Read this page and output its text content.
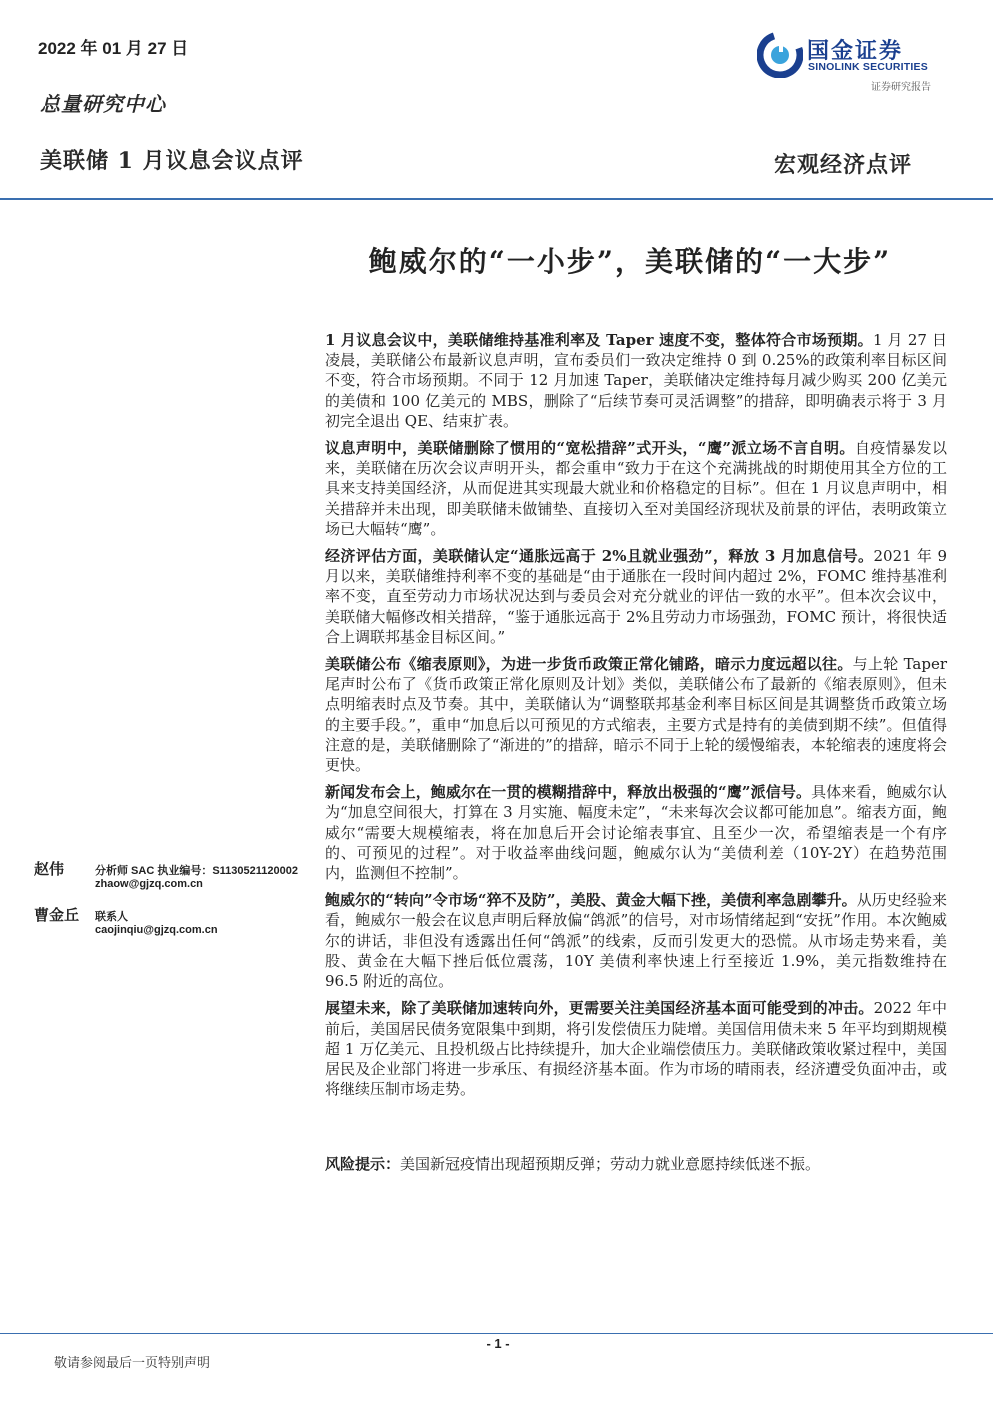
2022 年 01 月 27 日
总量研究中心
美联储 1 月议息会议点评	宏观经济点评
国金证券
SINOLINK SECURITIES
证券研究报告
鲍威尔的“一小步”，美联储的“一大步”

1 月议息会议中，美联储维持基准利率及 Taper 速度不变，整体符合市场预期。1 月 27 日凌晨，美联储公布最新议息声明，宣布委员们一致决定维持 0 到 0.25%的政策利率目标区间不变，符合市场预期。不同于 12 月加速 Taper，美联储决定维持每月减少购买 200 亿美元的美债和 100 亿美元的 MBS，删除了“后续节奏可灵活调整”的措辞，即明确表示将于 3 月初完全退出 QE、结束扩表。

议息声明中，美联储删除了惯用的“宽松措辞”式开头，“鹰”派立场不言自明。自疫情暴发以来，美联储在历次会议声明开头，都会重申“致力于在这个充满挑战的时期使用其全方位的工具来支持美国经济，从而促进其实现最大就业和价格稳定的目标”。但在 1 月议息声明中，相关措辞并未出现，即美联储未做铺垫、直接切入至对美国经济现状及前景的评估，表明政策立场已大幅转“鹰”。

经济评估方面，美联储认定“通胀远高于 2%且就业强劲”，释放 3 月加息信号。2021 年 9 月以来，美联储维持利率不变的基础是“由于通胀在一段时间内超过 2%，FOMC 维持基准利率不变，直至劳动力市场状况达到与委员会对充分就业的评估一致的水平”。但本次会议中，美联储大幅修改相关措辞，“鉴于通胀远高于 2%且劳动力市场强劲，FOMC 预计，将很快适合上调联邦基金目标区间。”

美联储公布《缩表原则》，为进一步货币政策正常化铺路，暗示力度远超以往。与上轮 Taper 尾声时公布了《货币政策正常化原则及计划》类似，美联储公布了最新的《缩表原则》，但未点明缩表时点及节奏。其中，美联储认为“调整联邦基金利率目标区间是其调整货币政策立场的主要手段。”，重申“加息后以可预见的方式缩表，主要方式是持有的美债到期不续”。但值得注意的是，美联储删除了“渐进的”的措辞，暗示不同于上轮的缓慢缩表，本轮缩表的速度将会更快。

新闻发布会上，鲍威尔在一贯的模糊措辞中，释放出极强的“鹰”派信号。具体来看，鲍威尔认为“加息空间很大，打算在 3 月实施、幅度未定”，“未来每次会议都可能加息”。缩表方面，鲍威尔“需要大规模缩表，将在加息后开会讨论缩表事宜、且至少一次，希望缩表是一个有序的、可预见的过程”。对于收益率曲线问题，鲍威尔认为“美债利差（10Y-2Y）在趋势范围内，监测但不控制”。

鲍威尔的“转向”令市场“猝不及防”，美股、黄金大幅下挫，美债利率急剧攀升。从历史经验来看，鲍威尔一般会在议息声明后释放偏“鸽派”的信号，对市场情绪起到“安抚”作用。本次鲍威尔的讲话，非但没有透露出任何“鸽派”的线索，反而引发更大的恐慌。从市场走势来看，美股、黄金在大幅下挫后低位震荡，10Y 美债利率快速上行至接近 1.9%，美元指数维持在 96.5 附近的高位。

展望未来，除了美联储加速转向外，更需要关注美国经济基本面可能受到的冲击。2022 年中前后，美国居民债务宽限集中到期，将引发偿债压力陡增。美国信用债未来 5 年平均到期规模超 1 万亿美元、且投机级占比持续提升，加大企业端偿债压力。美联储政策收紧过程中，美国居民及企业部门将进一步承压、有损经济基本面。作为市场的晴雨表，经济遭受负面冲击，或将继续压制市场走势。

风险提示：美国新冠疫情出现超预期反弹；劳动力就业意愿持续低迷不振。
赵伟	分析师 SAC 执业编号：S1130521120002
zhaow@gjzq.com.cn
曹金丘 联系人
caojinqiu@gjzq.com.cn
- 1 -
敬请参阅最后一页特别声明
